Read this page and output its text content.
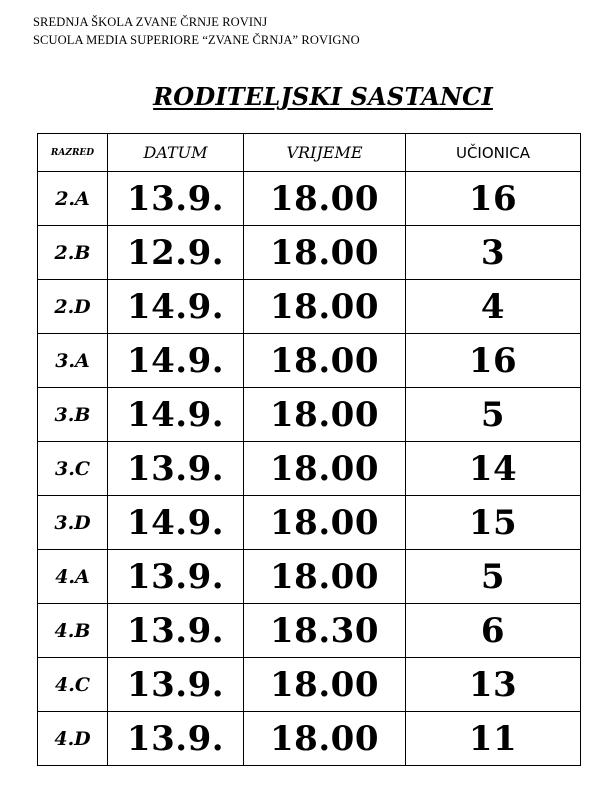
SREDNJA ŠKOLA ZVANE ČRNJE ROVINJ
SCUOLA MEDIA SUPERIORE “ZVANE ČRNJA” ROVIGNO
RODITELJSKI SASTANCI
RAZRED	DATUM	VRIJEME	UČIONICA
2.A	13.9.	18.00	16
2.B	12.9.	18.00	3
2.D	14.9.	18.00	4
3.A	14.9.	18.00	16
3.B	14.9.	18.00	5
3.C	13.9.	18.00	14
3.D	14.9.	18.00	15
4.A	13.9.	18.00	5
4.B	13.9.	18.30	6
4.C	13.9.	18.00	13
4.D	13.9.	18.00	11
